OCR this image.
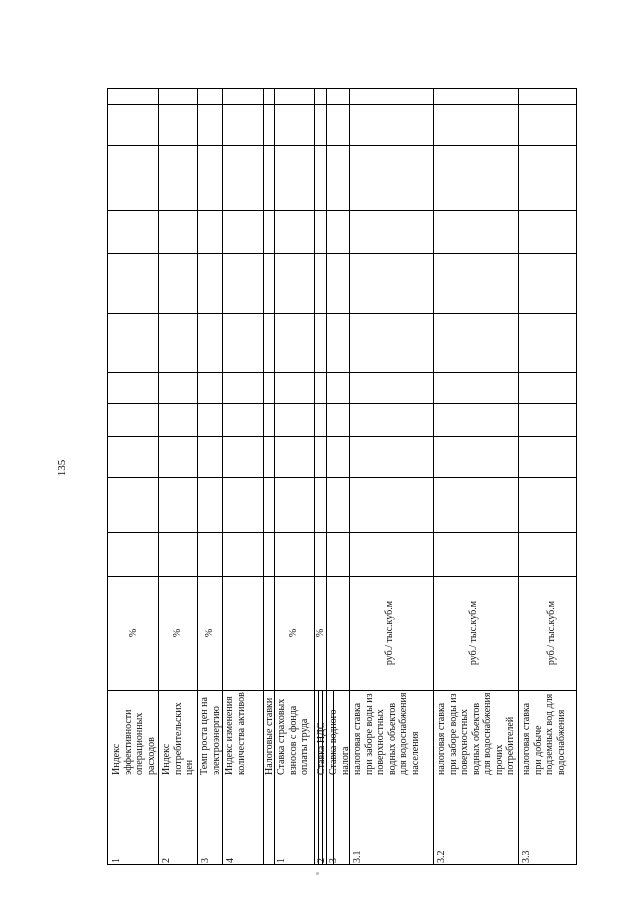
135
1
Индекс эффективности операционных расходов
%
2
Индекс потребительских цен
%
3
Темп роста цен на электроэнергию
%
4
Индекс изменения количества активов	Налоговые ставки
1
Ставка страховых взносов с фонда оплаты труда
%
2
Ставка НДС
%
3
Ставка водного налога
3.1
налоговая ставка при заборе воды из поверхностных водных объектов для водоснабжения населения
руб./ тыс.куб.м
3.2
налоговая ставка при заборе воды из поверхностных водных объектов для водоснабжения прочих потребителей
руб./ тыс.куб.м
3.3
налоговая ставка при добыче подземных вод для водоснабжения
руб./ тыс.куб.м
